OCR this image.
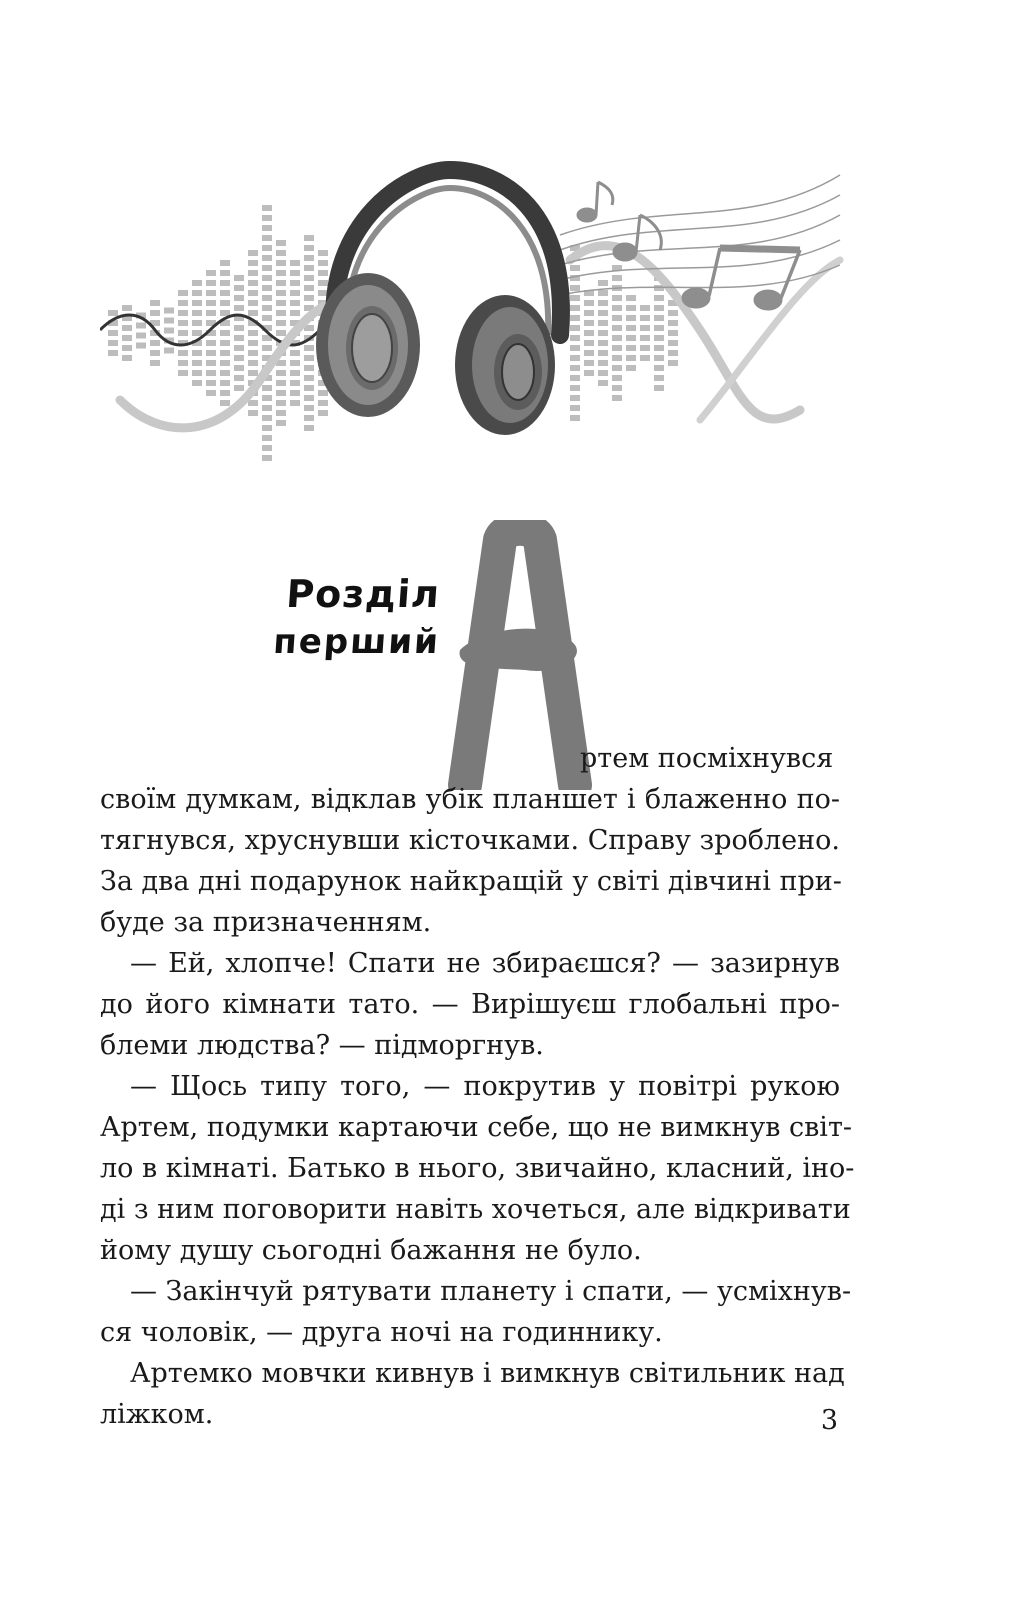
Розділ
перший
ртем посміхнувся
своїм думкам, відклав убік планшет і блаженно по-
тягнувся, хруснувши кісточками. Справу зроблено.
За два дні подарунок найкращій у світі дівчині при-
буде за призначенням.
— Ей, хлопче! Спати не збираєшся? — зазирнув
до його кімнати тато. — Вирішуєш глобальні про-
блеми людства? — підморгнув.
— Щось типу того, — покрутив у повітрі рукою
Артем, подумки картаючи себе, що не вимкнув світ-
ло в кімнаті. Батько в нього, звичайно, класний, іно-
ді з ним поговорити навіть хочеться, але відкривати
йому душу сьогодні бажання не було.
— Закінчуй рятувати планету і спати, — усміхнув-
ся чоловік, — друга ночі на годиннику.
Артемко мовчки кивнув і вимкнув світильник над
ліжком.	3
